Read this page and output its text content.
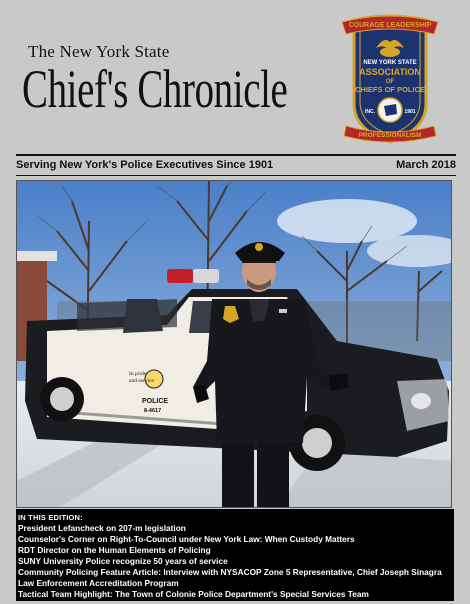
The New York State
Chief's Chronicle
COURAGE LEADERSHIP
NEW YORK STATE
ASSOCIATION
OF
CHIEFS OF POLICE
INC.	1901
PROFESSIONALISM
Serving New York's Police Executives Since 1901	March 2018
In pride
and service
POLICE
8-4617
IN THIS EDITION:
President Lefancheck on 207-m legislation
Counselor's Corner on Right-To-Council under New York Law: When Custody Matters
RDT Director on the Human Elements of Policing
SUNY University Police recognize 50 years of service
Community Policing Feature Article: Interview with NYSACOP Zone 5 Representative, Chief Joseph Sinagra
Law Enforcement Accreditation Program
Tactical Team Highlight: The Town of Colonie Police Department's Special Services Team
